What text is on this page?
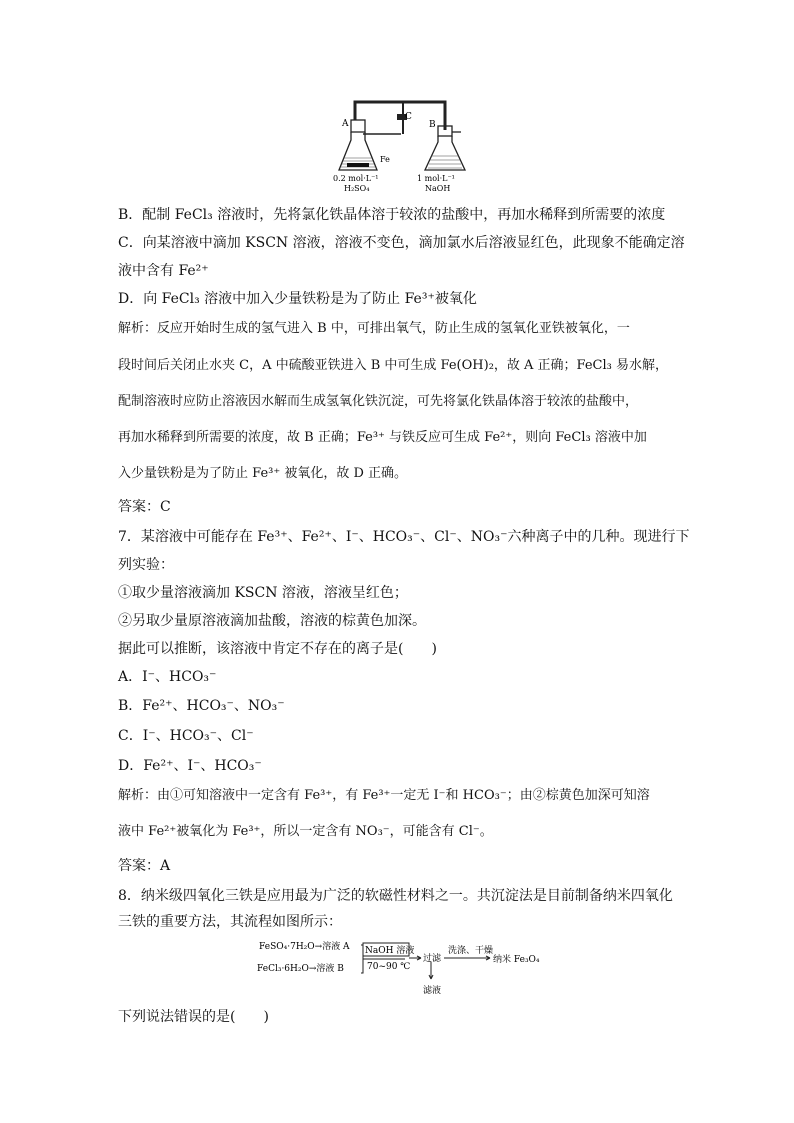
A	B
C
Fe
0.2 mol·L⁻¹
H₂SO₄
1 mol·L⁻¹
NaOH
B．配制 FeCl₃ 溶液时，先将氯化铁晶体溶于较浓的盐酸中，再加水稀释到所需要的浓度
C．向某溶液中滴加 KSCN 溶液，溶液不变色，滴加氯水后溶液显红色，此现象不能确定溶
液中含有 Fe²⁺
D．向 FeCl₃ 溶液中加入少量铁粉是为了防止 Fe³⁺被氧化
解析：反应开始时生成的氢气进入 B 中，可排出氧气，防止生成的氢氧化亚铁被氧化，一
段时间后关闭止水夹 C，A 中硫酸亚铁进入 B 中可生成 Fe(OH)₂，故 A 正确；FeCl₃ 易水解，
配制溶液时应防止溶液因水解而生成氢氧化铁沉淀，可先将氯化铁晶体溶于较浓的盐酸中，
再加水稀释到所需要的浓度，故 B 正确；Fe³⁺ 与铁反应可生成 Fe²⁺，则向 FeCl₃ 溶液中加
入少量铁粉是为了防止 Fe³⁺ 被氧化，故 D 正确。
答案：C
7．某溶液中可能存在 Fe³⁺、Fe²⁺、I⁻、HCO₃⁻、Cl⁻、NO₃⁻六种离子中的几种。现进行下
列实验：
①取少量溶液滴加 KSCN 溶液，溶液呈红色；
②另取少量原溶液滴加盐酸，溶液的棕黄色加深。
据此可以推断，该溶液中肯定不存在的离子是(　　)
A．I⁻、HCO₃⁻
B．Fe²⁺、HCO₃⁻、NO₃⁻
C．I⁻、HCO₃⁻、Cl⁻
D．Fe²⁺、I⁻、HCO₃⁻
解析：由①可知溶液中一定含有 Fe³⁺，有 Fe³⁺一定无 I⁻和 HCO₃⁻；由②棕黄色加深可知溶
液中 Fe²⁺被氧化为 Fe³⁺，所以一定含有 NO₃⁻，可能含有 Cl⁻。
答案：A
8．纳米级四氧化三铁是应用最为广泛的软磁性材料之一。共沉淀法是目前制备纳米四氧化
三铁的重要方法，其流程如图所示：
FeSO₄·7H₂O→溶液 A
FeCl₃·6H₂O→溶液 B
NaOH 溶液
70~90 ℃
过滤
洗涤、干燥
纳米 Fe₃O₄
滤液
下列说法错误的是(　　)
